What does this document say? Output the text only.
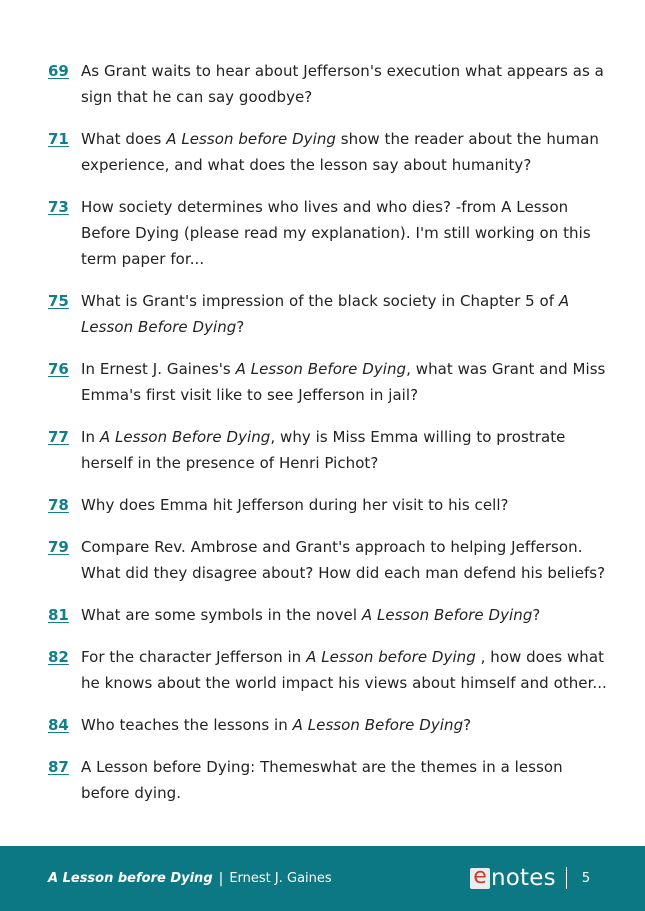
69 As Grant waits to hear about Jefferson's execution what appears as a sign that he can say goodbye?
71 What does A Lesson before Dying show the reader about the human experience, and what does the lesson say about humanity?
73 How society determines who lives and who dies? -from A Lesson Before Dying (please read my explanation). I'm still working on this term paper for...
75 What is Grant's impression of the black society in Chapter 5 of A Lesson Before Dying?
76 In Ernest J. Gaines's A Lesson Before Dying, what was Grant and Miss Emma's first visit like to see Jefferson in jail?
77 In A Lesson Before Dying, why is Miss Emma willing to prostrate herself in the presence of Henri Pichot?
78 Why does Emma hit Jefferson during her visit to his cell?
79 Compare Rev. Ambrose and Grant's approach to helping Jefferson. What did they disagree about? How did each man defend his beliefs?
81 What are some symbols in the novel A Lesson Before Dying?
82 For the character Jefferson in A Lesson before Dying , how does what he knows about the world impact his views about himself and other...
84 Who teaches the lessons in A Lesson Before Dying?
87 A Lesson before Dying: Themeswhat are the themes in a lesson before dying.
A Lesson before Dying | Ernest J. Gaines	e notes 5
